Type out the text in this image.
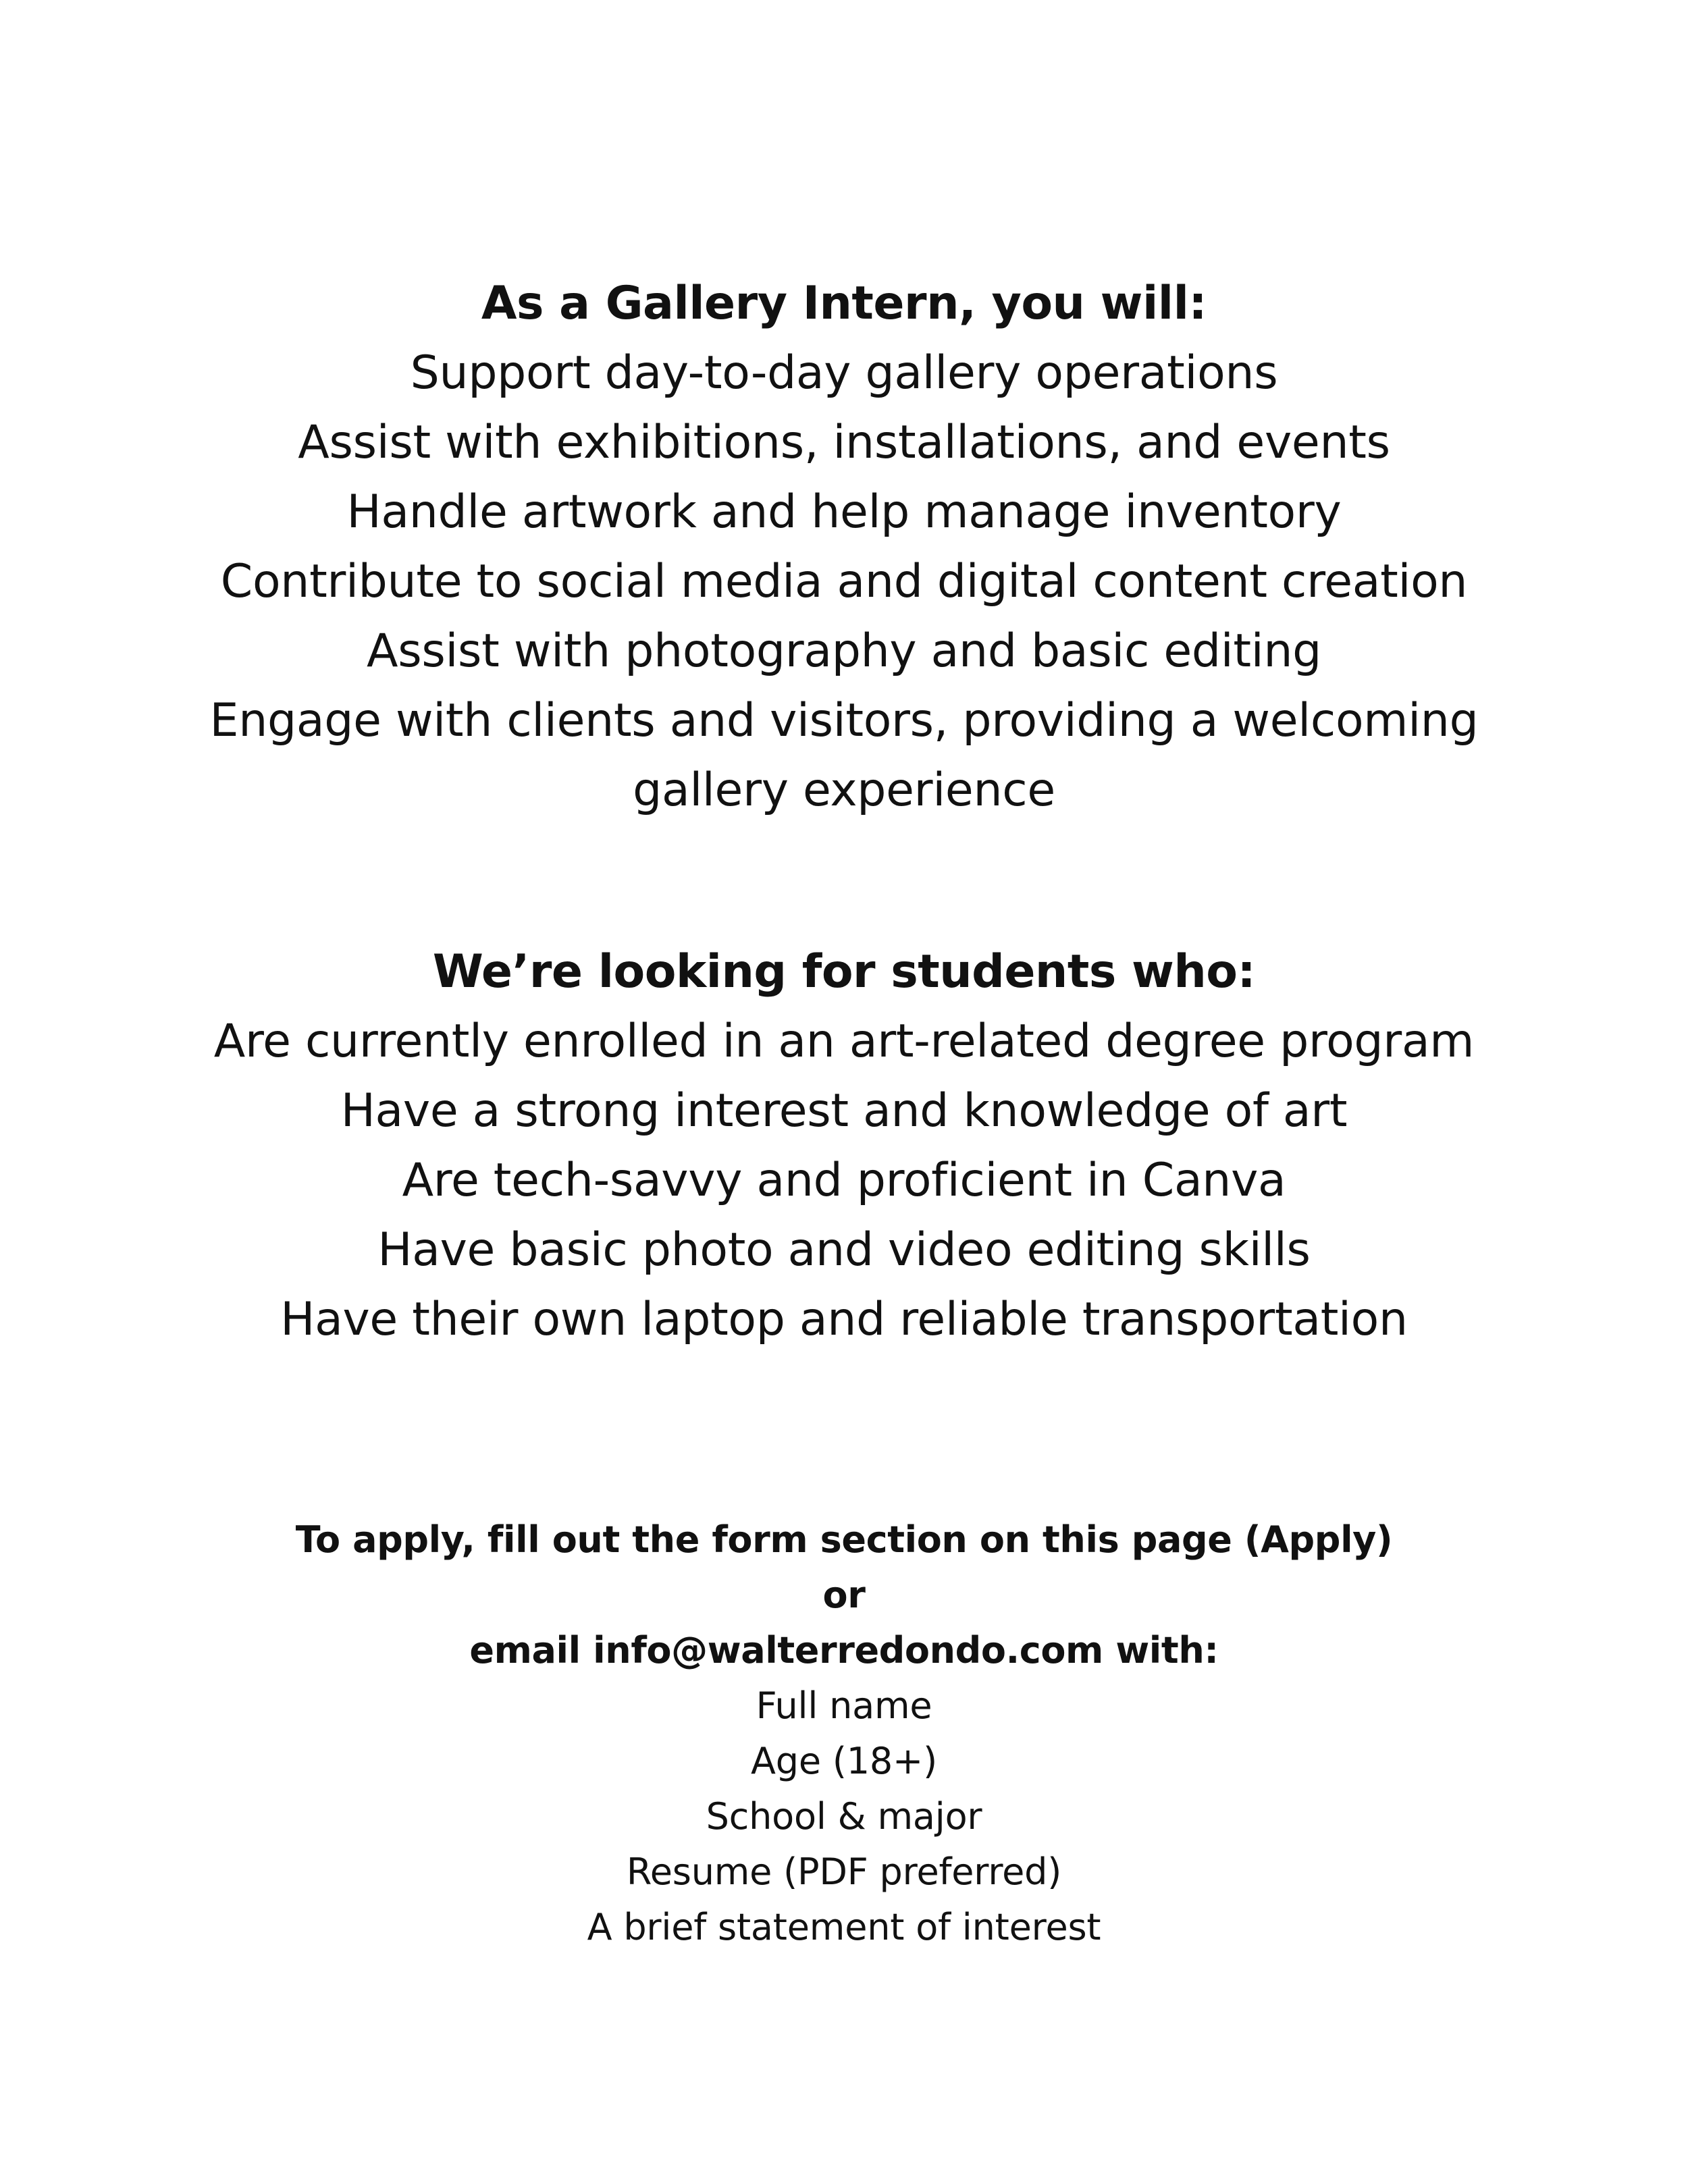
As a Gallery Intern, you will:
Support day-to-day gallery operations
Assist with exhibitions, installations, and events
Handle artwork and help manage inventory
Contribute to social media and digital content creation
Assist with photography and basic editing
Engage with clients and visitors, providing a welcoming
gallery experience
We’re looking for students who:
Are currently enrolled in an art-related degree program
Have a strong interest and knowledge of art
Are tech-savvy and proficient in Canva
Have basic photo and video editing skills
Have their own laptop and reliable transportation
To apply, fill out the form section on this page (Apply)
or
email info@walterredondo.com with:
Full name
Age (18+)
School & major
Resume (PDF preferred)
A brief statement of interest
